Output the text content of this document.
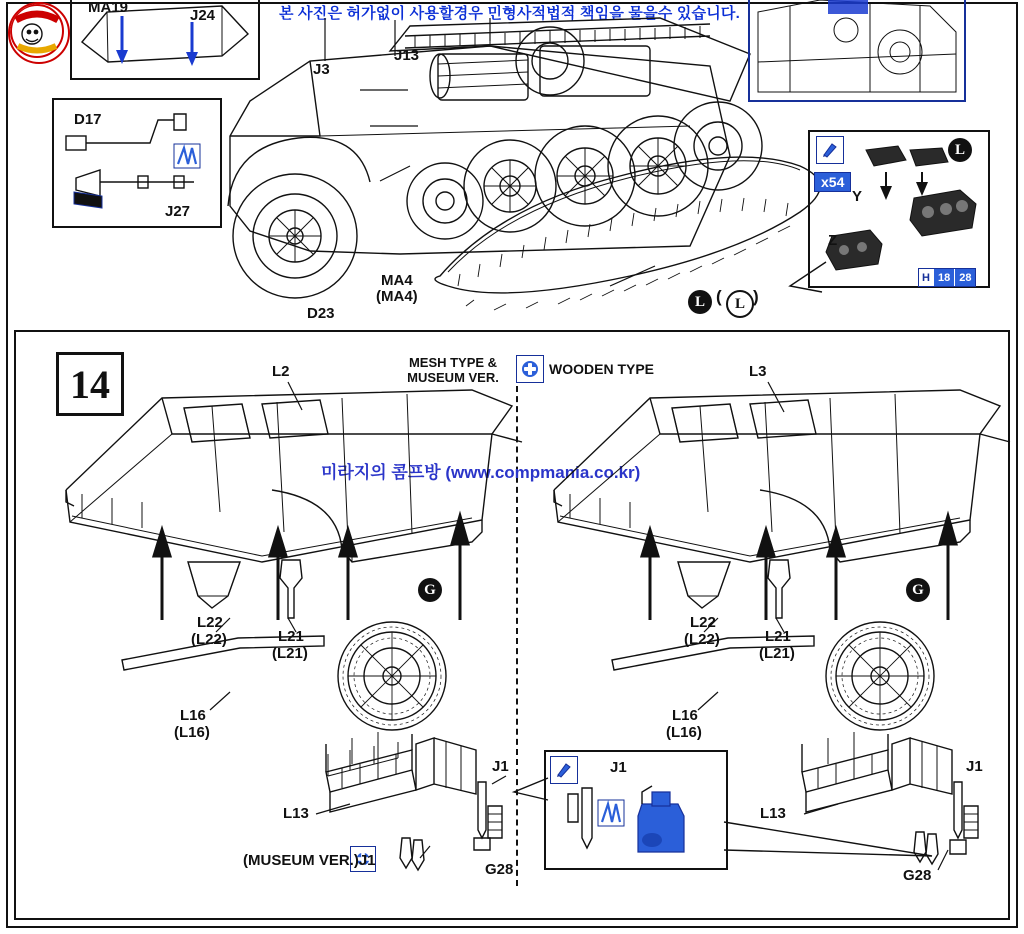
본 사진은 허가없이 사용할경우 민형사적법적 책임을 물을수 있습니다.
MA19	J24
J3
J13
D17
J27
MA4
(MA4)
D23
x54
Y
Z
L
H 18 28
L ( L )
14	MESH TYPE &
MUSEUM VER.
WOODEN TYPE
미라지의 콤프방 (www.compmania.co.kr)
G
L2
L22
(L22)	L21
(L21)
L16
(L16)
L13
(MUSEUM VER.)J1
J1
G28
G
L3
L22
(L22)	L21
(L21)
L16
(L16)
L13
J1
G28
J1
